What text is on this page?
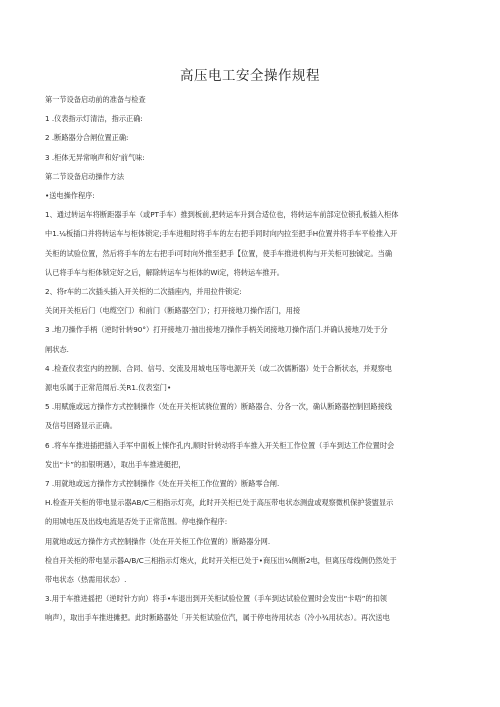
高压电工安全操作规程

第一节设备启动前的准备与检查

1 .仪表指示灯清洁，指示正确:

2 .断路器分合闸位置正确:

3 .柜体无异常响声和好'前气味:

第二节设备启动操作方法

•送电操作程序:

1、通过转运车将断距器手车（或PT手车）推到板前,把转运车升到合适位也，将转运车前部定位锁孔板插入柜体

中1.¼板插口并将转运车与柜体锁定;手车进粗时将手车的左右把手同时向内拉至把手H位置并将手车平检推入开

关柜的试验位置，然后将手车的左右把手i可时向外推至把手【位置，使手车推进机构与开关柜可独铖定。当确

认已将手车与柜体锁定好之后，解除转运车与柜体的Wi定，将转运车推开。

2、将r车的二次插头插入开关柜的二次插座内，并用拉件锁定:

关闭开关柜后门（电缆空门）和前门（断路器空门）；打开接地刀操作活门，用接

3 .地刀操作手柄（逆时针转90°）打开接地刀·抽出接地刀操作手柄关闭接地刀操作活门.并确认接地刀处于分

闸状态.

4 .检查仪表室内的控制、合同、信号、交流及用城电压等电源开关（或二次儒断器）处于合断状态，并观察电

源电乐属于正常范闱后.关R1.仪表室门•

5 .用赋施或远方操作方式控制操作（处在开关柜试骁位置的）断路器合、分各一次，确认断路器控制回路接线

及信号回路显示正确。

6 .将车车推进插把插入手军中面板上悚作孔内,顺时针转动将手车推入开关柜工作位置（手车到达工作位置时会

发出“卡”的扣银明遇），取出手车推进艇把，

7 .用就地或远方操作方式控制操作《处在开关柜工作位置的）断路零合闸.

H.检查开关柜的带电显示器AB/C三相指示灯亮，此时开关柜已处于高压带电状态测盘或观察微机保护袋盥显示

的用城电压及出线电流是否处于正常范围。停电操作程序:

用就地或远方操作方式控制操作（处在开关柜工作位置的）断路器分网.

检自开关柜的带电显示器A/B/C三相指示灯炮火，此时开关柜已处于•商压出¼侧断2电，但离压母线侧仍然处于

带电状态（热需用状态）.

3.用于车推进摇把（逆时针方向）将手•车退出到开关柜试验位置（手车到达试验位置时会发出“卡唔”的扣领

响声），取出手车推进摊把。此时断路器处「开关柜试验位汽，属于停电待用状态（冷小¾用状态）。再次送电
